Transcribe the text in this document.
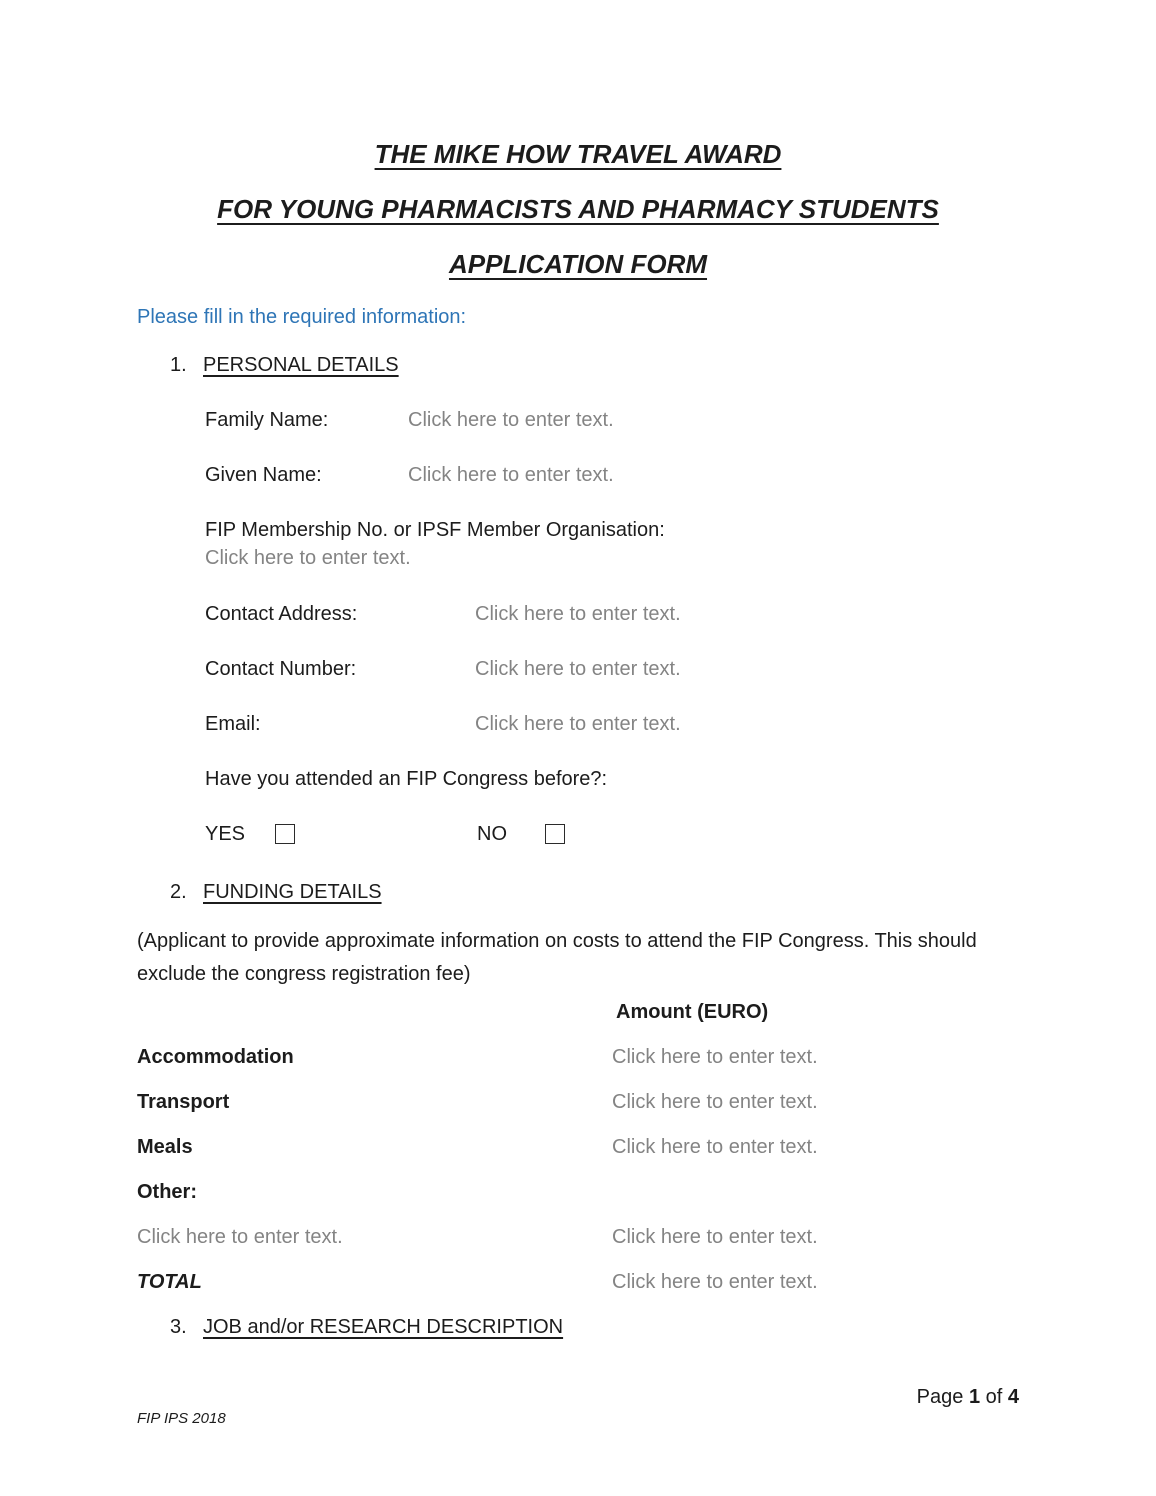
THE MIKE HOW TRAVEL AWARD
FOR YOUNG PHARMACISTS AND PHARMACY STUDENTS
APPLICATION FORM

Please fill in the required information:

1. PERSONAL DETAILS
Family Name:	Click here to enter text.
Given Name:	Click here to enter text.
FIP Membership No. or IPSF Member Organisation:
Click here to enter text.
Contact Address:	Click here to enter text.
Contact Number:	Click here to enter text.
Email:	Click here to enter text.
Have you attended an FIP Congress before?:
YES	NO
2. FUNDING DETAILS

(Applicant to provide approximate information on costs to attend the FIP Congress. This should exclude the congress registration fee)

Amount (EURO)
Accommodation	Click here to enter text.
Transport	Click here to enter text.
Meals	Click here to enter text.
Other:
Click here to enter text.	Click here to enter text.
TOTAL	Click here to enter text.
3. JOB and/or RESEARCH DESCRIPTION
Page 1 of 4
FIP IPS 2018
